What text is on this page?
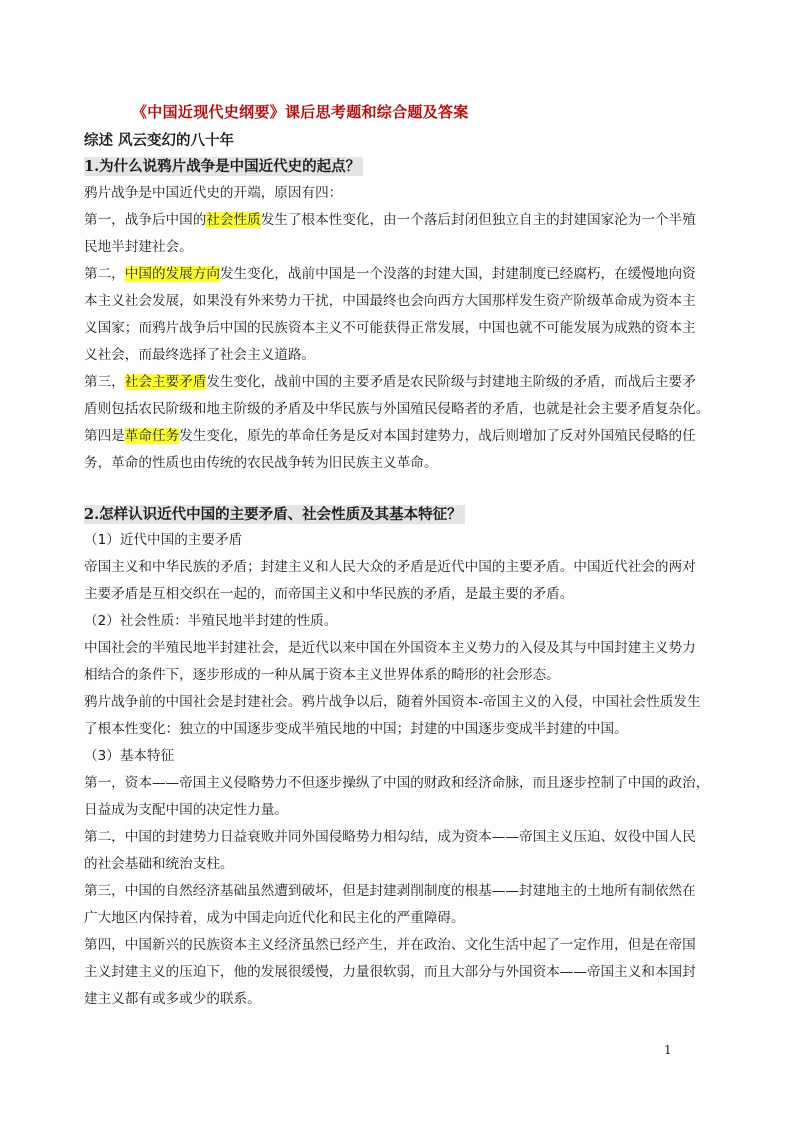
《中国近现代史纲要》课后思考题和综合题及答案
综述 风云变幻的八十年
1.为什么说鸦片战争是中国近代史的起点？
鸦片战争是中国近代史的开端，原因有四：
第一，战争后中国的社会性质发生了根本性变化，由一个落后封闭但独立自主的封建国家沦为一个半殖
民地半封建社会。
第二，中国的发展方向发生变化，战前中国是一个没落的封建大国，封建制度已经腐朽，在缓慢地向资
本主义社会发展，如果没有外来势力干扰，中国最终也会向西方大国那样发生资产阶级革命成为资本主
义国家；而鸦片战争后中国的民族资本主义不可能获得正常发展，中国也就不可能发展为成熟的资本主
义社会，而最终选择了社会主义道路。
第三，社会主要矛盾发生变化，战前中国的主要矛盾是农民阶级与封建地主阶级的矛盾，而战后主要矛
盾则包括农民阶级和地主阶级的矛盾及中华民族与外国殖民侵略者的矛盾，也就是社会主要矛盾复杂化。
第四是革命任务发生变化，原先的革命任务是反对本国封建势力，战后则增加了反对外国殖民侵略的任
务，革命的性质也由传统的农民战争转为旧民族主义革命。
2.怎样认识近代中国的主要矛盾、社会性质及其基本特征？
（1）近代中国的主要矛盾
帝国主义和中华民族的矛盾；封建主义和人民大众的矛盾是近代中国的主要矛盾。中国近代社会的两对
主要矛盾是互相交织在一起的，而帝国主义和中华民族的矛盾，是最主要的矛盾。
（2）社会性质：半殖民地半封建的性质。
中国社会的半殖民地半封建社会，是近代以来中国在外国资本主义势力的入侵及其与中国封建主义势力
相结合的条件下，逐步形成的一种从属于资本主义世界体系的畸形的社会形态。
鸦片战争前的中国社会是封建社会。鸦片战争以后，随着外国资本-帝国主义的入侵，中国社会性质发生
了根本性变化：独立的中国逐步变成半殖民地的中国；封建的中国逐步变成半封建的中国。
（3）基本特征
第一，资本——帝国主义侵略势力不但逐步操纵了中国的财政和经济命脉，而且逐步控制了中国的政治，
日益成为支配中国的决定性力量。
第二，中国的封建势力日益衰败并同外国侵略势力相勾结，成为资本——帝国主义压迫、奴役中国人民
的社会基础和统治支柱。
第三，中国的自然经济基础虽然遭到破坏，但是封建剥削制度的根基——封建地主的土地所有制依然在
广大地区内保持着，成为中国走向近代化和民主化的严重障碍。
第四，中国新兴的民族资本主义经济虽然已经产生，并在政治、文化生活中起了一定作用，但是在帝国
主义封建主义的压迫下，他的发展很缓慢，力量很软弱，而且大部分与外国资本——帝国主义和本国封
建主义都有或多或少的联系。
1
